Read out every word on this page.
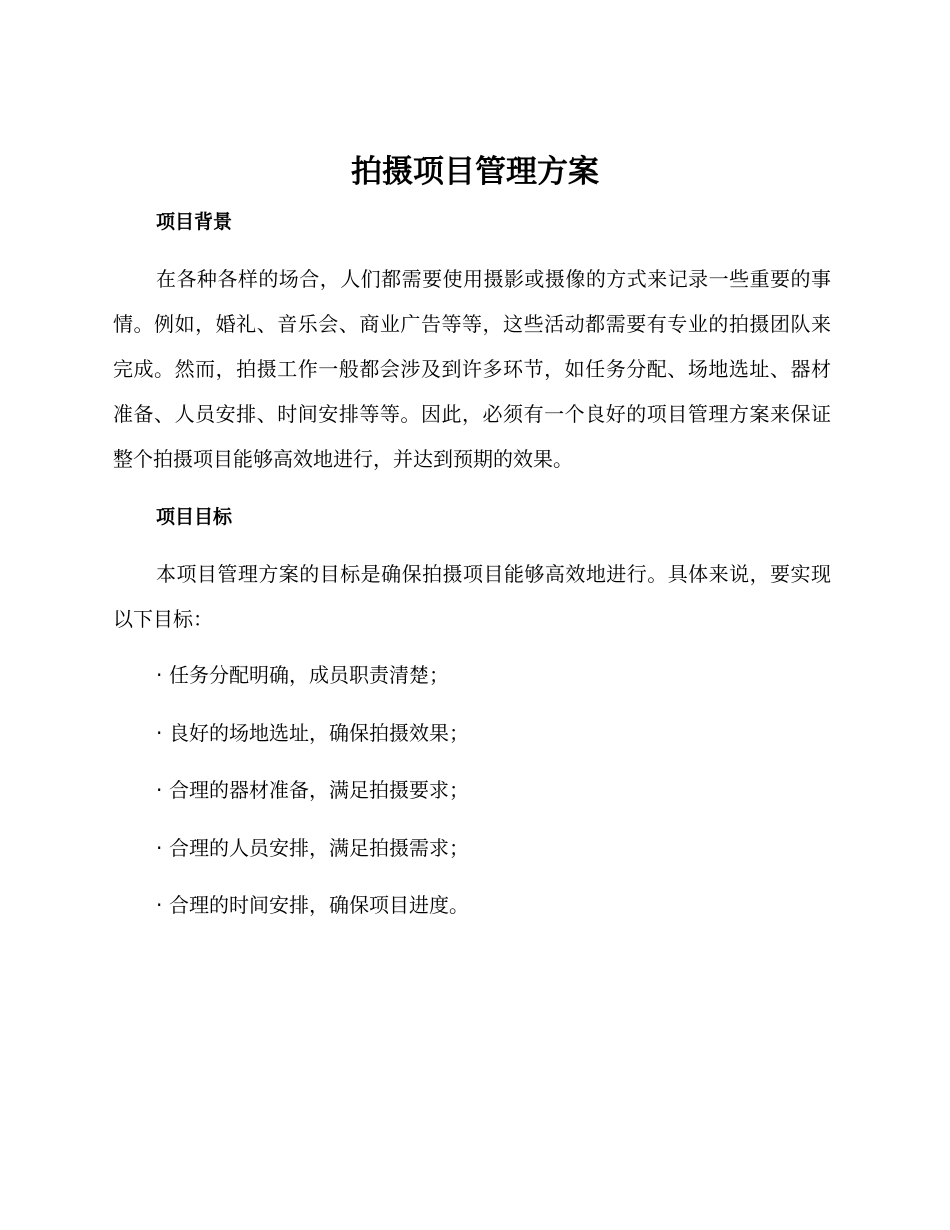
拍摄项目管理方案
项目背景

在各种各样的场合，人们都需要使用摄影或摄像的方式来记录一些重要的事情。例如，婚礼、音乐会、商业广告等等，这些活动都需要有专业的拍摄团队来完成。然而，拍摄工作一般都会涉及到许多环节，如任务分配、场地选址、器材准备、人员安排、时间安排等等。因此，必须有一个良好的项目管理方案来保证整个拍摄项目能够高效地进行，并达到预期的效果。

项目目标

本项目管理方案的目标是确保拍摄项目能够高效地进行。具体来说，要实现以下目标：

· 任务分配明确，成员职责清楚；
· 良好的场地选址，确保拍摄效果；
· 合理的器材准备，满足拍摄要求；
· 合理的人员安排，满足拍摄需求；
· 合理的时间安排，确保项目进度。
